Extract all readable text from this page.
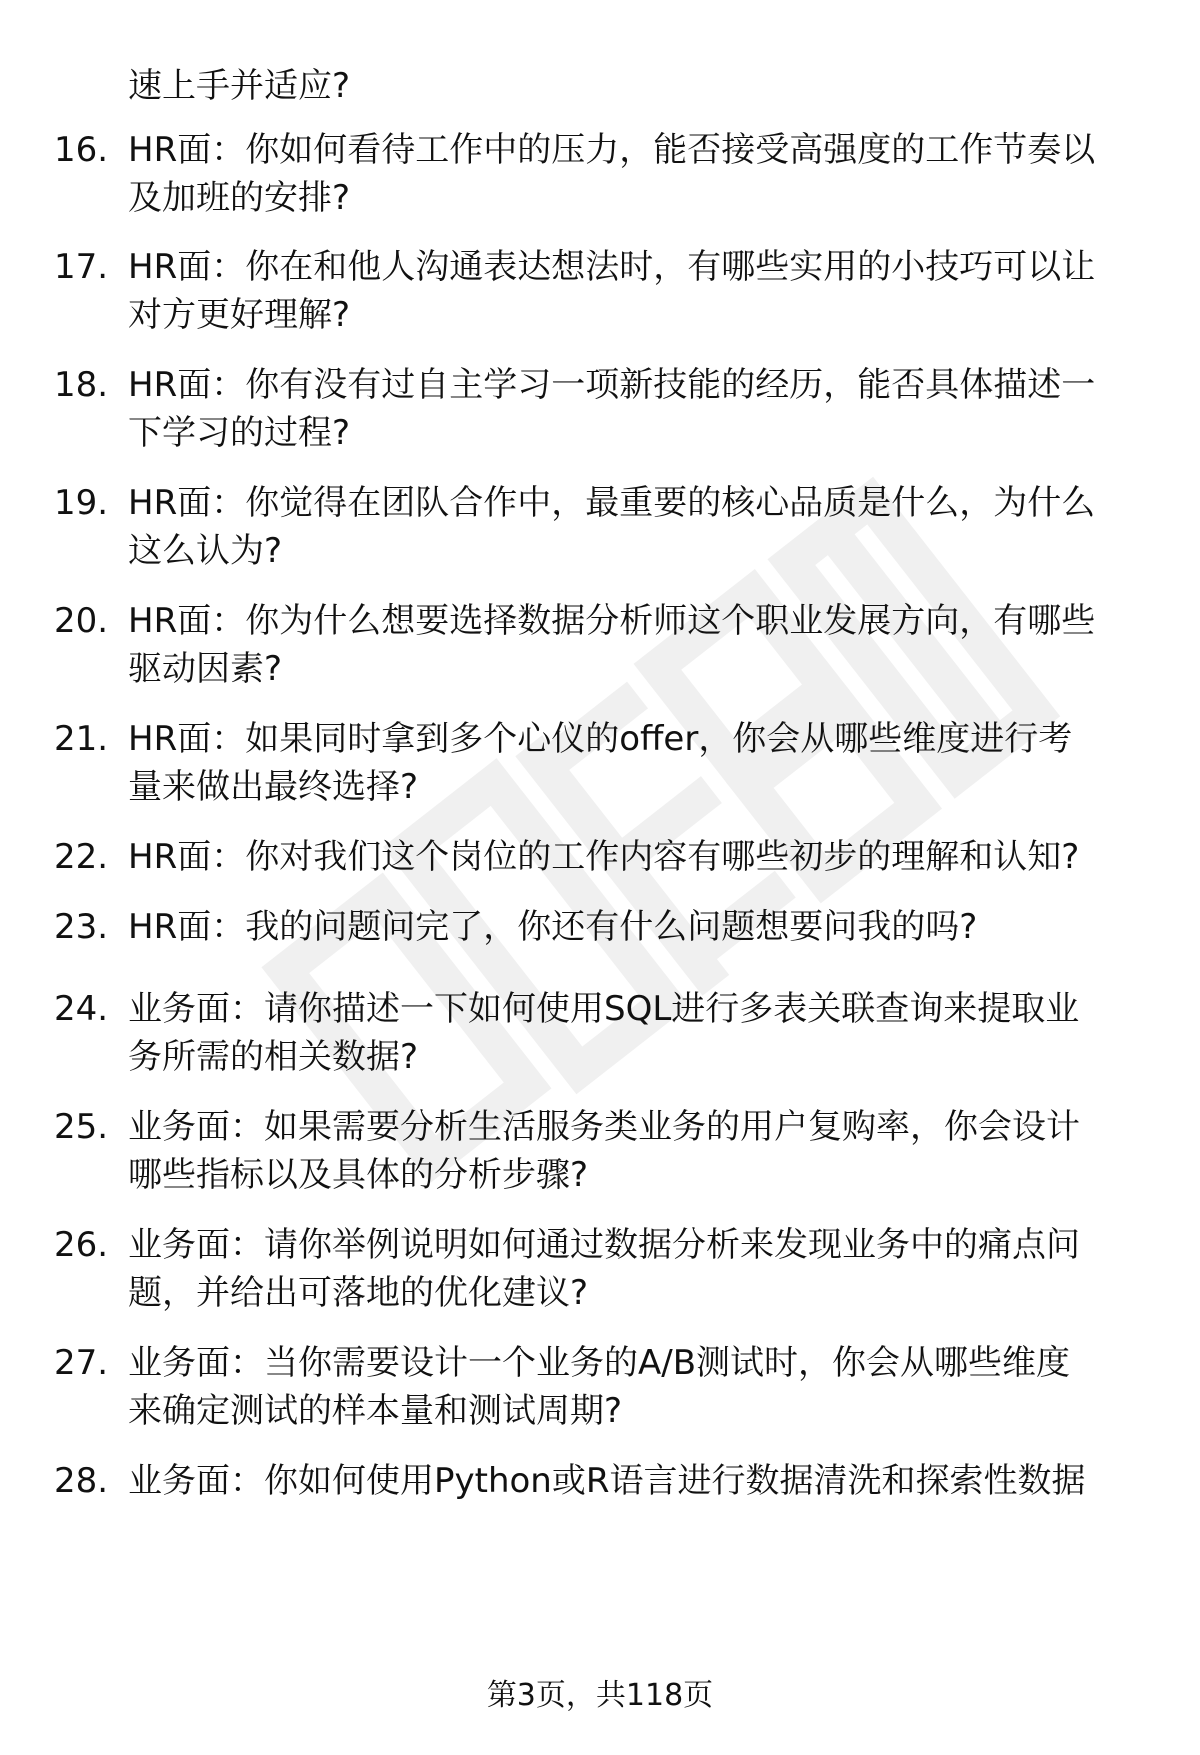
速上手并适应?
16. HR面：你如何看待工作中的压力，能否接受高强度的工作节奏以
及加班的安排?
17. HR面：你在和他人沟通表达想法时，有哪些实用的小技巧可以让
对方更好理解?
18. HR面：你有没有过自主学习一项新技能的经历，能否具体描述一
下学习的过程?
19. HR面：你觉得在团队合作中，最重要的核心品质是什么，为什么
这么认为?
20. HR面：你为什么想要选择数据分析师这个职业发展方向，有哪些
驱动因素?
21. HR面：如果同时拿到多个心仪的offer，你会从哪些维度进行考
量来做出最终选择?
22. HR面：你对我们这个岗位的工作内容有哪些初步的理解和认知?
23. HR面：我的问题问完了，你还有什么问题想要问我的吗?
24. 业务面：请你描述一下如何使用SQL进行多表关联查询来提取业
务所需的相关数据?
25. 业务面：如果需要分析生活服务类业务的用户复购率，你会设计
哪些指标以及具体的分析步骤?
26. 业务面：请你举例说明如何通过数据分析来发现业务中的痛点问
题，并给出可落地的优化建议?
27. 业务面：当你需要设计一个业务的A/B测试时，你会从哪些维度
来确定测试的样本量和测试周期?
28. 业务面：你如何使用Python或R语言进行数据清洗和探索性数据
第3页，共118页
